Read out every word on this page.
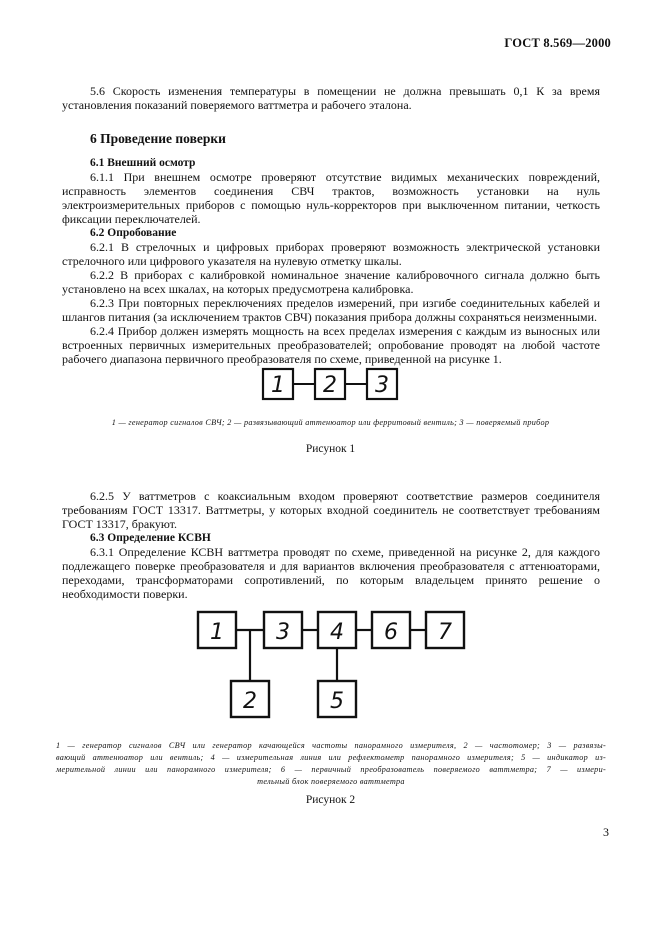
ГОСТ 8.569—2000

5.6 Скорость изменения температуры в помещении не должна превышать 0,1 К за время установления показаний поверяемого ваттметра и рабочего эталона.

6 Проведение поверки
6.1 Внешний осмотр

6.1.1 При внешнем осмотре проверяют отсутствие видимых механических повреждений, исправность элементов соединения СВЧ трактов, возможность установки на нуль электроизмерительных приборов с помощью нуль-корректоров при выключенном питании, четкость фиксации переключателей.

6.2 Опробование

6.2.1 В стрелочных и цифровых приборах проверяют возможность электрической установки стрелочного или цифрового указателя на нулевую отметку шкалы.

6.2.2 В приборах с калибровкой номинальное значение калибровочного сигнала должно быть установлено на всех шкалах, на которых предусмотрена калибровка.

6.2.3 При повторных переключениях пределов измерений, при изгибе соединительных кабелей и шлангов питания (за исключением трактов СВЧ) показания прибора должны сохраняться неизменными.

6.2.4 Прибор должен измерять мощность на всех пределах измерения с каждым из выносных или встроенных первичных измерительных преобразователей; опробование проводят на любой частоте рабочего диапазона первичного преобразователя по схеме, приведенной на рисунке 1.

1 2 3
1 — генератор сигналов СВЧ; 2 — развязывающий аттенюатор или ферритовый вентиль; 3 — поверяемый прибор
Рисунок 1

6.2.5 У ваттметров с коаксиальным входом проверяют соответствие размеров соединителя требованиям ГОСТ 13317. Ваттметры, у которых входной соединитель не соответствует требованиям ГОСТ 13317, бракуют.

6.3 Определение КСВН

6.3.1 Определение КСВН ваттметра проводят по схеме, приведенной на рисунке 2, для каждого подлежащего поверке преобразователя и для вариантов включения преобразователя с аттенюаторами, переходами, трансформаторами сопротивлений, по которым владельцем принято решение о необходимости поверки.

1 3 4 6 7
2	5
1 — генератор сигналов СВЧ или генератор качающейся частоты панорамного измерителя, 2 — частотомер; 3 — развязы-
вающий аттенюатор или вентиль; 4 — измерительная линия или рефлектометр панорамного измерителя; 5 — индикатор из-
мерительной линии или панорамного измерителя; 6 — первичный преобразователь поверяемого ваттметра; 7 — измери-
тельный блок поверяемого ваттметра
Рисунок 2
3
